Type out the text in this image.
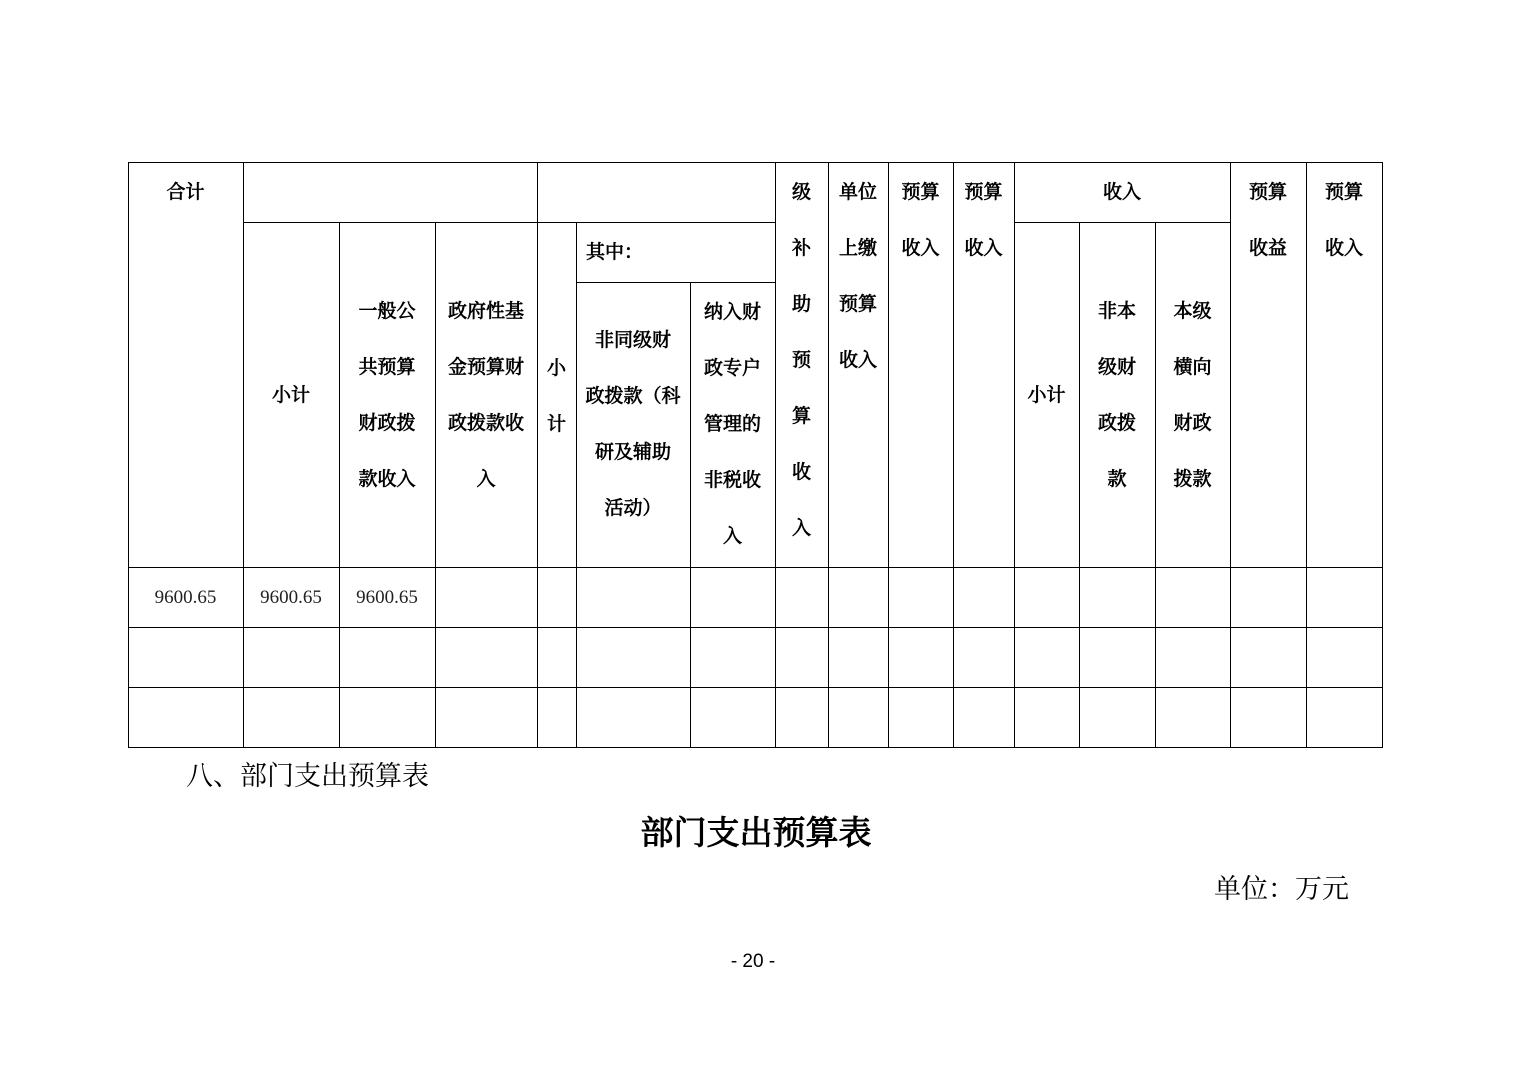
合计
小计
一般公
共预算
财政拨
款收入
政府性基
金预算财
政拨款收
入
小
计
其中：
非同级财
政拨款（科
研及辅助
活动）
纳入财
政专户
管理的
非税收
入
级
补
助
预
算
收
入
单位
上缴
预算
收入
预算
收入
预算
收入
收入
小计
非本
级财
政拨
款
本级
横向
财政
拨款
预算
收益
预算
收入
9600.65	9600.65	9600.65
八、部门支出预算表
部门支出预算表
单位：万元
- 20 -
